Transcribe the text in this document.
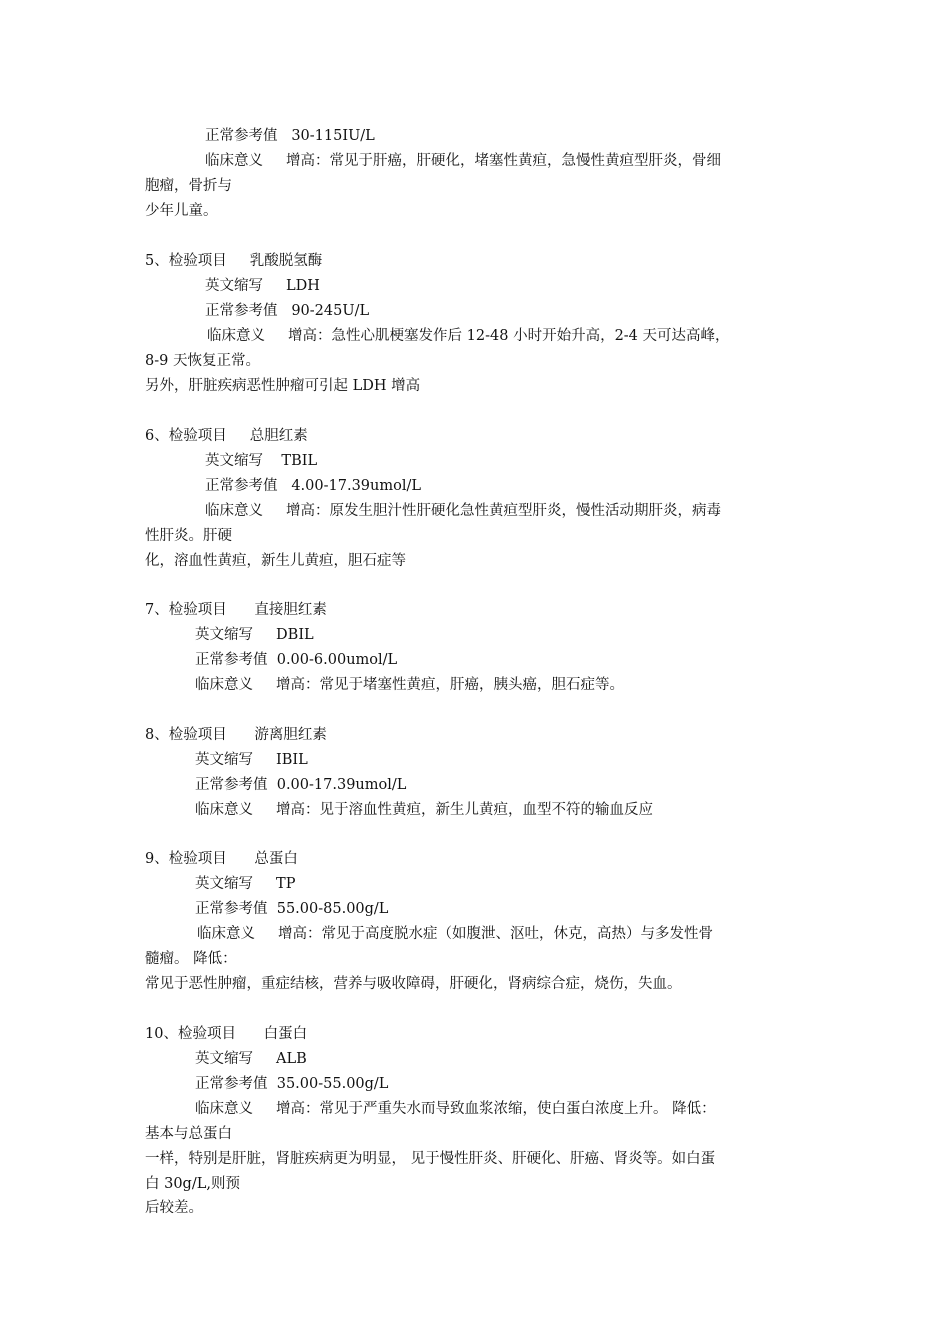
正常参考值   30-115IU/L
临床意义     增高：常见于肝癌，肝硬化，堵塞性黄疸，急慢性黄疸型肝炎，骨细
胞瘤，骨折与
少年儿童。
5、检验项目     乳酸脱氢酶
英文缩写     LDH
正常参考值   90-245U/L
临床意义     增高：急性心肌梗塞发作后 12-48 小时开始升高，2-4 天可达高峰，
8-9 天恢复正常。
另外，肝脏疾病恶性肿瘤可引起 LDH 增高
6、检验项目     总胆红素
英文缩写    TBIL
正常参考值   4.00-17.39umol/L
临床意义     增高：原发生胆汁性肝硬化急性黄疸型肝炎，慢性活动期肝炎，病毒
性肝炎。肝硬
化，溶血性黄疸，新生儿黄疸，胆石症等
7、检验项目      直接胆红素
英文缩写     DBIL
正常参考值  0.00-6.00umol/L
临床意义     增高：常见于堵塞性黄疸，肝癌，胰头癌，胆石症等。
8、检验项目      游离胆红素
英文缩写     IBIL
正常参考值  0.00-17.39umol/L
临床意义     增高：见于溶血性黄疸，新生儿黄疸，血型不符的输血反应
9、检验项目      总蛋白
英文缩写     TP
正常参考值  55.00-85.00g/L
临床意义     增高：常见于高度脱水症（如腹泄、沤吐，休克，高热）与多发性骨
髓瘤。 降低：
常见于恶性肿瘤，重症结核，营养与吸收障碍，肝硬化，肾病综合症，烧伤，失血。
10、检验项目      白蛋白
英文缩写     ALB
正常参考值  35.00-55.00g/L
临床意义     增高：常见于严重失水而导致血浆浓缩，使白蛋白浓度上升。 降低：
基本与总蛋白
一样，特别是肝脏，肾脏疾病更为明显， 见于慢性肝炎、肝硬化、肝癌、肾炎等。如白蛋
白 30g/L,则预
后较差。
